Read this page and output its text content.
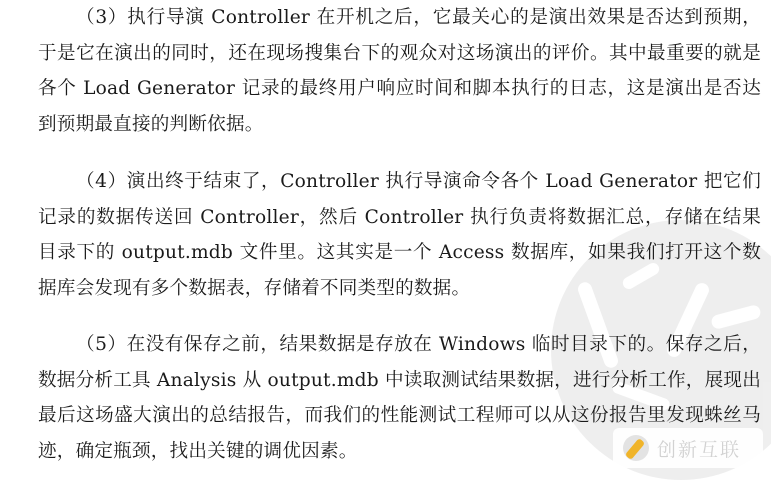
（3）执行导演 Controller 在开机之后，它最关心的是演出效果是否达到预期，于是它在演出的同时，还在现场搜集台下的观众对这场演出的评价。其中最重要的就是各个 Load Generator 记录的最终用户响应时间和脚本执行的日志，这是演出是否达到预期最直接的判断依据。

（4）演出终于结束了，Controller 执行导演命令各个 Load Generator 把它们记录的数据传送回 Controller，然后 Controller 执行负责将数据汇总，存储在结果目录下的 output.mdb 文件里。这其实是一个 Access 数据库，如果我们打开这个数据库会发现有多个数据表，存储着不同类型的数据。

（5）在没有保存之前，结果数据是存放在 Windows 临时目录下的。保存之后，数据分析工具 Analysis 从 output.mdb 中读取测试结果数据，进行分析工作，展现出最后这场盛大演出的总结报告，而我们的性能测试工程师可以从这份报告里发现蛛丝马迹，确定瓶颈，找出关键的调优因素。	创新互联
